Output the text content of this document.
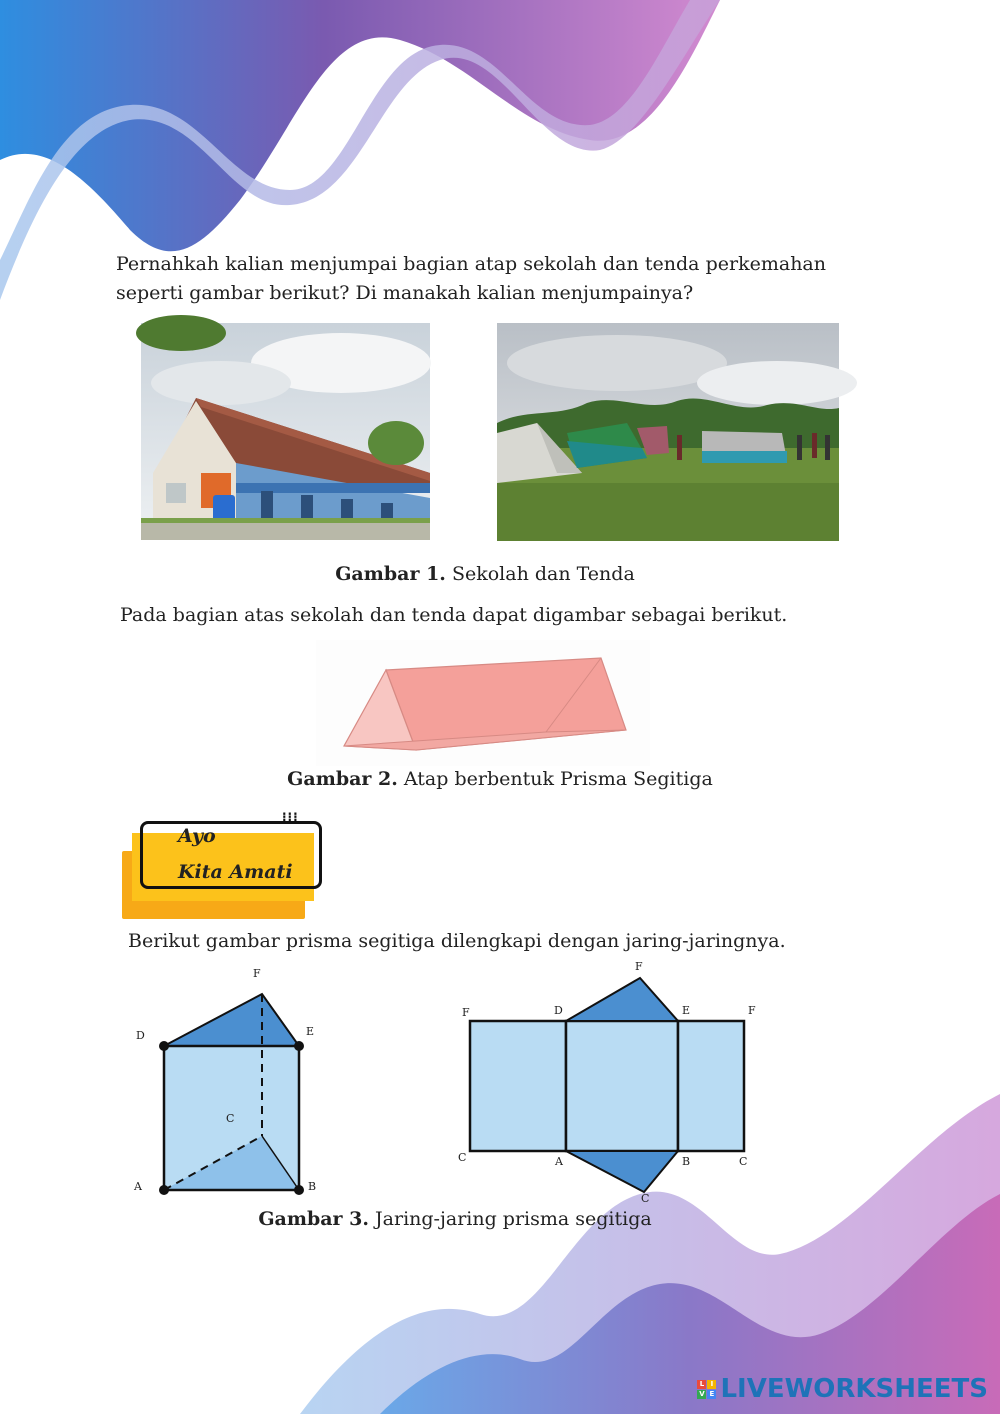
Pernahkah kalian menjumpai bagian atap sekolah dan tenda perkemahan
seperti gambar berikut? Di manakah kalian menjumpainya?
Gambar 1. Sekolah dan Tenda
Pada bagian atas sekolah dan tenda dapat digambar sebagai berikut.
Gambar 2. Atap berbentuk Prisma Segitiga
⁝⁝⁝
Ayo
Kita Amati
Berikut gambar prisma segitiga dilengkapi dengan jaring-jaringnya.
F
D	E
C
A	B
F
F	D	E	F
C	A	B	C
C
Gambar 3. Jaring-jaring prisma segitiga
L I
V E LIVEWORKSHEETS
